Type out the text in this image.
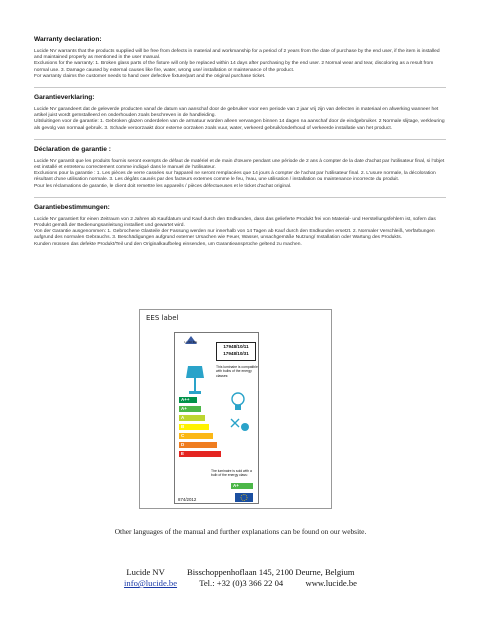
Warranty declaration:

Lucide NV warrants that the products supplied will be free from defects in material and workmanship for a period of 2 years from the date of purchase by the end user, if the item is installed and maintained properly as mentioned in the user manual.

Exclusions for the warranty: 1. Broken glass parts of the fixture will only be replaced within 14 days after purchasing by the end user. 2 Normal wear and tear, discoloring as a result from normal use. 3. Damage caused by external causes like fire, water, wrong use/ installation or maintenance of the product.

For warranty claims the customer needs to hand over defective fixture/part and the original purchase ticket.

Garantieverklaring:

Lucide NV garandeert dat de geleverde producten vanaf de datum van aanschaf door de gebruiker voor een periode van 2 jaar vrij zijn van defecten in materiaal en afwerking wanneer het artikel juist wordt geïnstalleerd en onderhouden zoals beschreven in de handleiding.

Uitsluitingen voor de garantie: 1. Gebroken glazen onderdelen van de armatuur worden alleen vervangen binnen 14 dagen na aanschaf door de eindgebruiker. 2 Normale slijtage, verkleuring als gevolg van normaal gebruik. 3. Schade veroorzaakt door externe oorzaken zoals vuur, water, verkeerd gebruik/onderhoud of verkeerde installatie van het product.

Déclaration de garantie :

Lucide NV garantit que les produits fournis seront exempts de défaut de matériel et de main d'œuvre pendant une période de 2 ans à compter de la date d'achat par l'utilisateur final, si l'objet est installé et entretenu correctement comme indiqué dans le manuel de l'utilisateur.

Exclusions pour la garantie : 1. Les pièces de verre cassées sur l'appareil ne seront remplacées que 14 jours à compter de l'achat par l'utilisateur final. 2. L'usure normale, la décoloration résultant d'une utilisation normale. 3. Les dégâts causés par des facteurs externes comme le feu, l'eau, une utilisation / installation ou maintenance incorrecte du produit.

Pour les réclamations de garantie, le client doit remettre les appareils / pièces défectueuses et le ticket d'achat original.

Garantiebestimmungen:

Lucide NV garantiert für einen Zeitraum von 2 Jahren ab Kaufdatum und Kauf durch den Endkunden, dass das gelieferte Produkt frei von Material- und Herstellungsfehlern ist, sofern das Produkt gemäß der Bedienungsanleitung installiert und gewartet wird.

Von der Garantie ausgenommen: 1. Gebrochene Glasteile der Fassung werden nur innerhalb von 14 Tagen ab Kauf durch den Endkunden ersetzt. 2. Normaler Verschleiß, Verfärbungen aufgrund des normalen Gebrauchs. 3. Beschädigungen aufgrund externer Ursachen wie Feuer, Wasser, unsachgemäße Nutzung/ Installation oder Wartung des Produkts.

Kunden müssen das defekte Produkt/Teil und den Originalkaufbeleg einsenden, um Garantieansprüche geltend zu machen.

EES label
LUCIDE
17948/10/11
17948/10/31
This luminaire is compatible with bulbs of the energy classes:
A++
A+
A
B
C
D
E
The luminaire is sold with a bulb of the energy class:
A+
874/2012
Other languages of the manual and further explanations can be found on our website.
Lucide NV	Bisschoppenhoflaan 145, 2100 Deurne, Belgium
info@lucide.be	Tel.: +32 (0)3 366 22 04	www.lucide.be
